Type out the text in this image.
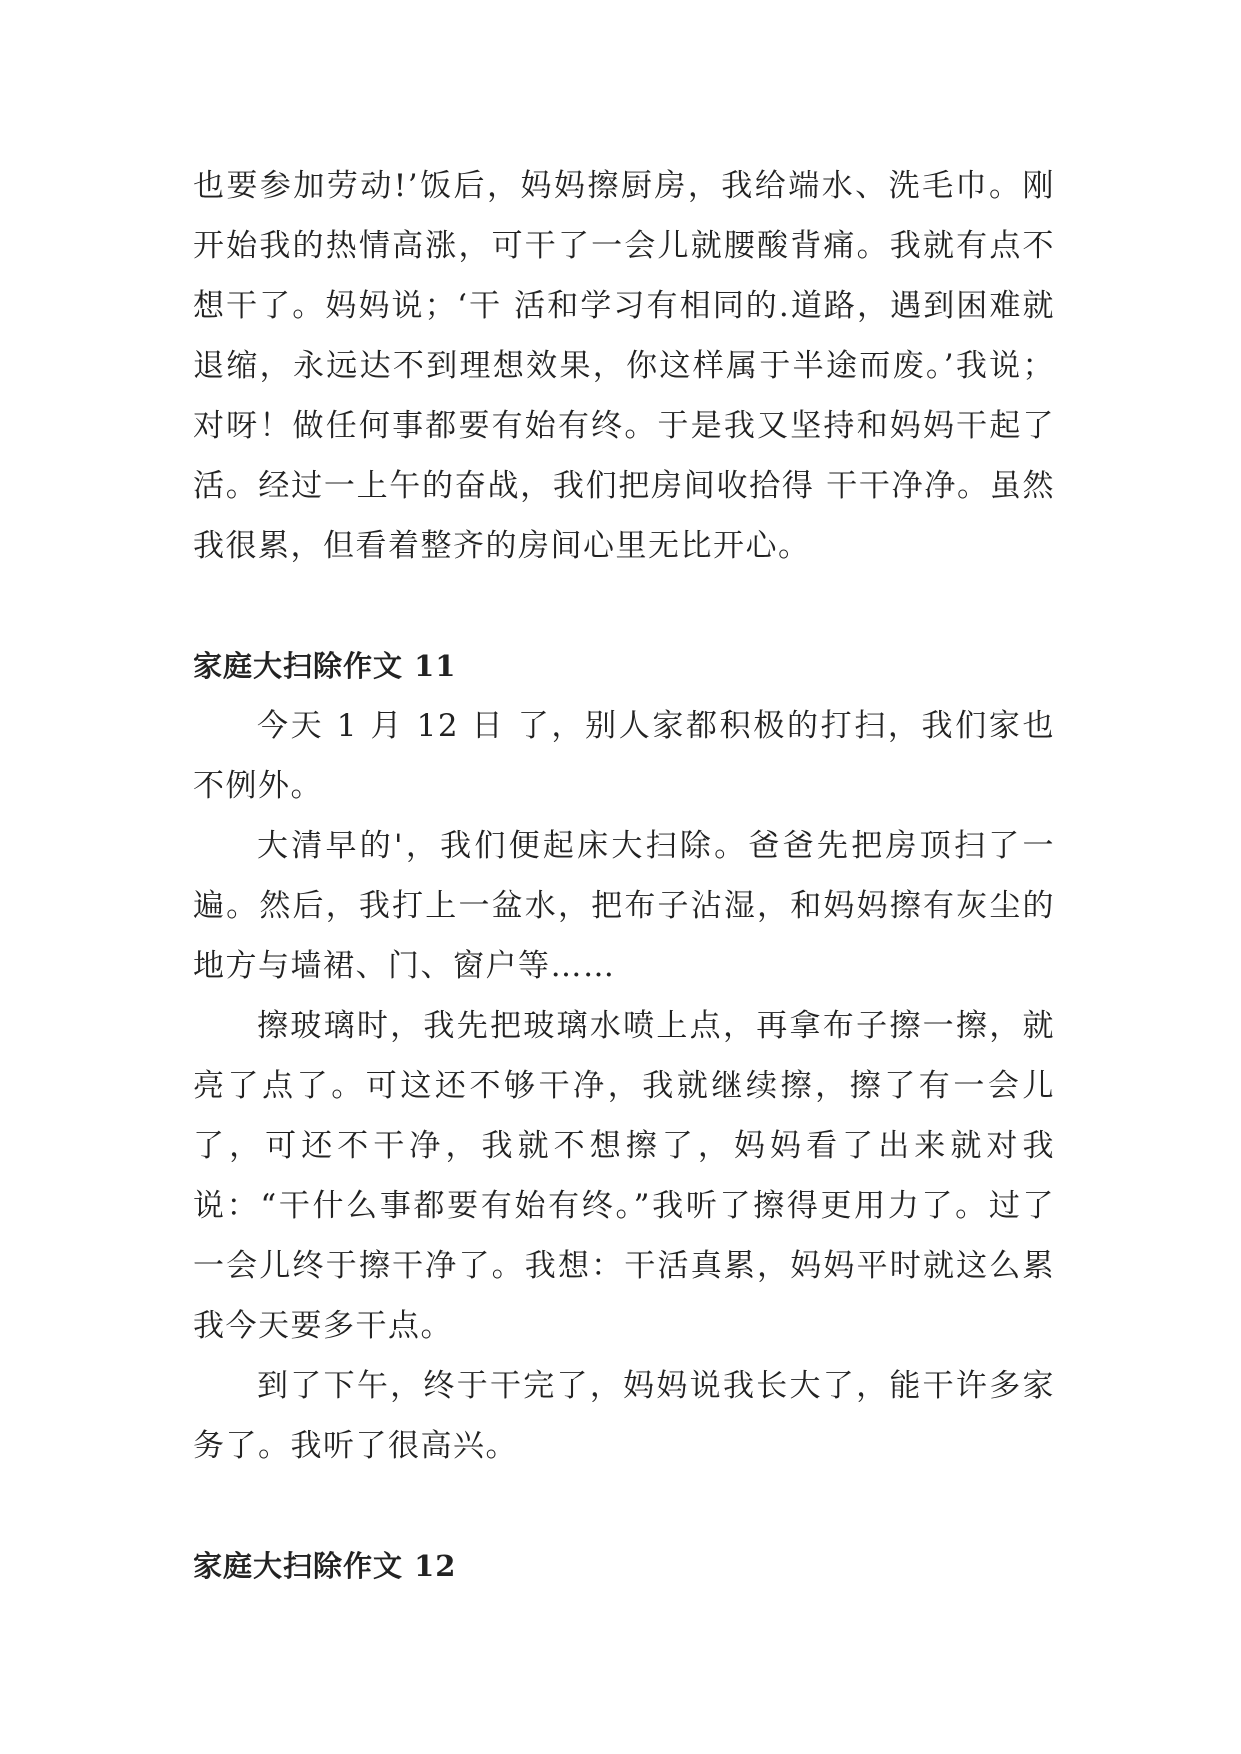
也要参加劳动!’饭后，妈妈擦厨房，我给端水、洗毛巾。刚开始我的热情高涨，可干了一会儿就腰酸背痛。我就有点不想干了。妈妈说；‘干 活和学习有相同的.道路，遇到困难就退缩，永远达不到理想效果，你这样属于半途而废。’我说；对呀！做任何事都要有始有终。于是我又坚持和妈妈干起了活。经过一上午的奋战，我们把房间收拾得 干干净净。虽然我很累，但看着整齐的房间心里无比开心。

家庭大扫除作文 11

今天 1 月 12 日 了，别人家都积极的打扫，我们家也不例外。

大清早的'，我们便起床大扫除。爸爸先把房顶扫了一遍。然后，我打上一盆水，把布子沾湿，和妈妈擦有灰尘的地方与墙裙、门、窗户等……

擦玻璃时，我先把玻璃水喷上点，再拿布子擦一擦，就亮了点了。可这还不够干净，我就继续擦，擦了有一会儿了，可还不干净，我就不想擦了，妈妈看了出来就对我说：“干什么事都要有始有终。”我听了擦得更用力了。过了一会儿终于擦干净了。我想：干活真累，妈妈平时就这么累我今天要多干点。

到了下午，终于干完了，妈妈说我长大了，能干许多家务了。我听了很高兴。

家庭大扫除作文 12
